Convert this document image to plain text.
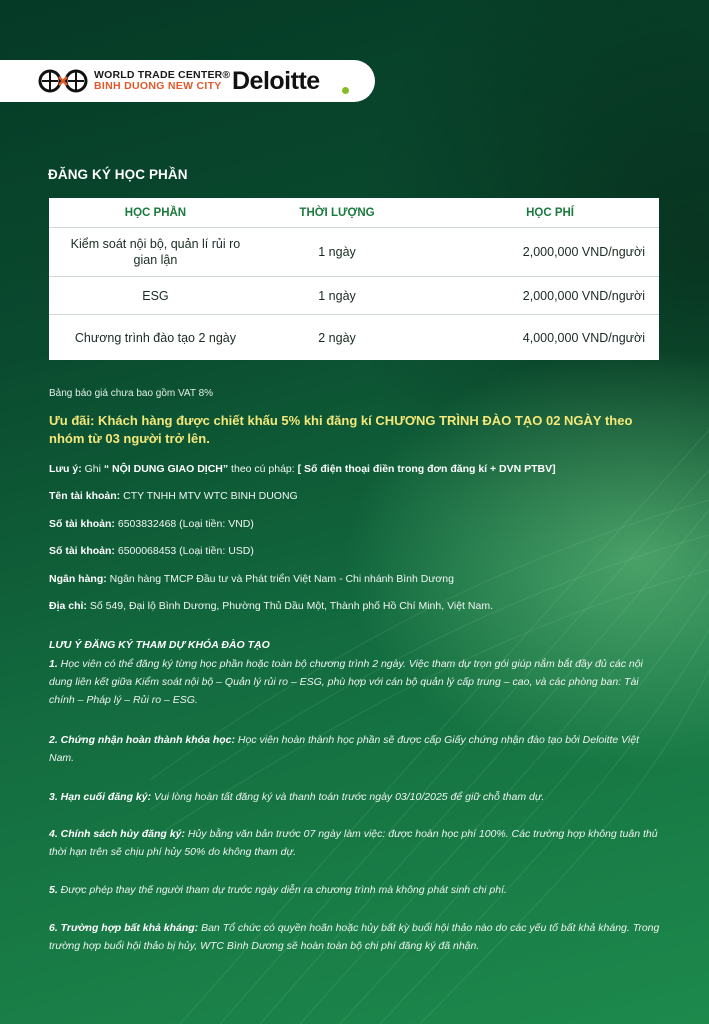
WORLD TRADE CENTER®
BINH DUONG NEW CITY Deloitte
ĐĂNG KÝ HỌC PHẦN
HỌC PHẦN	THỜI LƯỢNG	HỌC PHÍ
Kiểm soát nội bộ, quản lí rủi ro gian lận	1 ngày	2,000,000 VND/người
ESG	1 ngày	2,000,000 VND/người
Chương trình đào tạo 2 ngày	2 ngày	4,000,000 VND/người
Bảng báo giá chưa bao gồm VAT 8%
Ưu đãi: Khách hàng được chiết khấu 5% khi đăng kí CHƯƠNG TRÌNH ĐÀO TẠO 02 NGÀY theo nhóm từ 03 người trở lên.
Lưu ý: Ghi “ NỘI DUNG GIAO DỊCH” theo cú pháp: [ Số điện thoại điền trong đơn đăng kí + DVN PTBV]
Tên tài khoản: CTY TNHH MTV WTC BINH DUONG
Số tài khoản: 6503832468 (Loại tiền: VND)
Số tài khoản: 6500068453 (Loại tiền: USD)
Ngân hàng: Ngân hàng TMCP Đầu tư và Phát triển Việt Nam - Chi nhánh Bình Dương
Địa chỉ: Số 549, Đại lộ Bình Dương, Phường Thủ Dầu Một, Thành phố Hồ Chí Minh, Việt Nam.
LƯU Ý ĐĂNG KÝ THAM DỰ KHÓA ĐÀO TẠO
1. Học viên có thể đăng ký từng học phần hoặc toàn bộ chương trình 2 ngày. Việc tham dự trọn gói giúp nắm bắt đầy đủ các nội dung liên kết giữa Kiểm soát nội bộ – Quản lý rủi ro – ESG, phù hợp với cán bộ quản lý cấp trung – cao, và các phòng ban: Tài chính – Pháp lý – Rủi ro – ESG.
2. Chứng nhận hoàn thành khóa học: Học viên hoàn thành học phần sẽ được cấp Giấy chứng nhận đào tạo bởi Deloitte Việt Nam.
3. Hạn cuối đăng ký: Vui lòng hoàn tất đăng ký và thanh toán trước ngày 03/10/2025 để giữ chỗ tham dự.
4. Chính sách hủy đăng ký: Hủy bằng văn bản trước 07 ngày làm việc: được hoàn học phí 100%. Các trường hợp không tuân thủ thời hạn trên sẽ chịu phí hủy 50% do không tham dự.
5. Được phép thay thế người tham dự trước ngày diễn ra chương trình mà không phát sinh chi phí.
6. Trường hợp bất khả kháng: Ban Tổ chức có quyền hoãn hoặc hủy bất kỳ buổi hội thảo nào do các yếu tố bất khả kháng. Trong trường hợp buổi hội thảo bị hủy, WTC Bình Dương sẽ hoàn toàn bộ chi phí đăng ký đã nhận.
